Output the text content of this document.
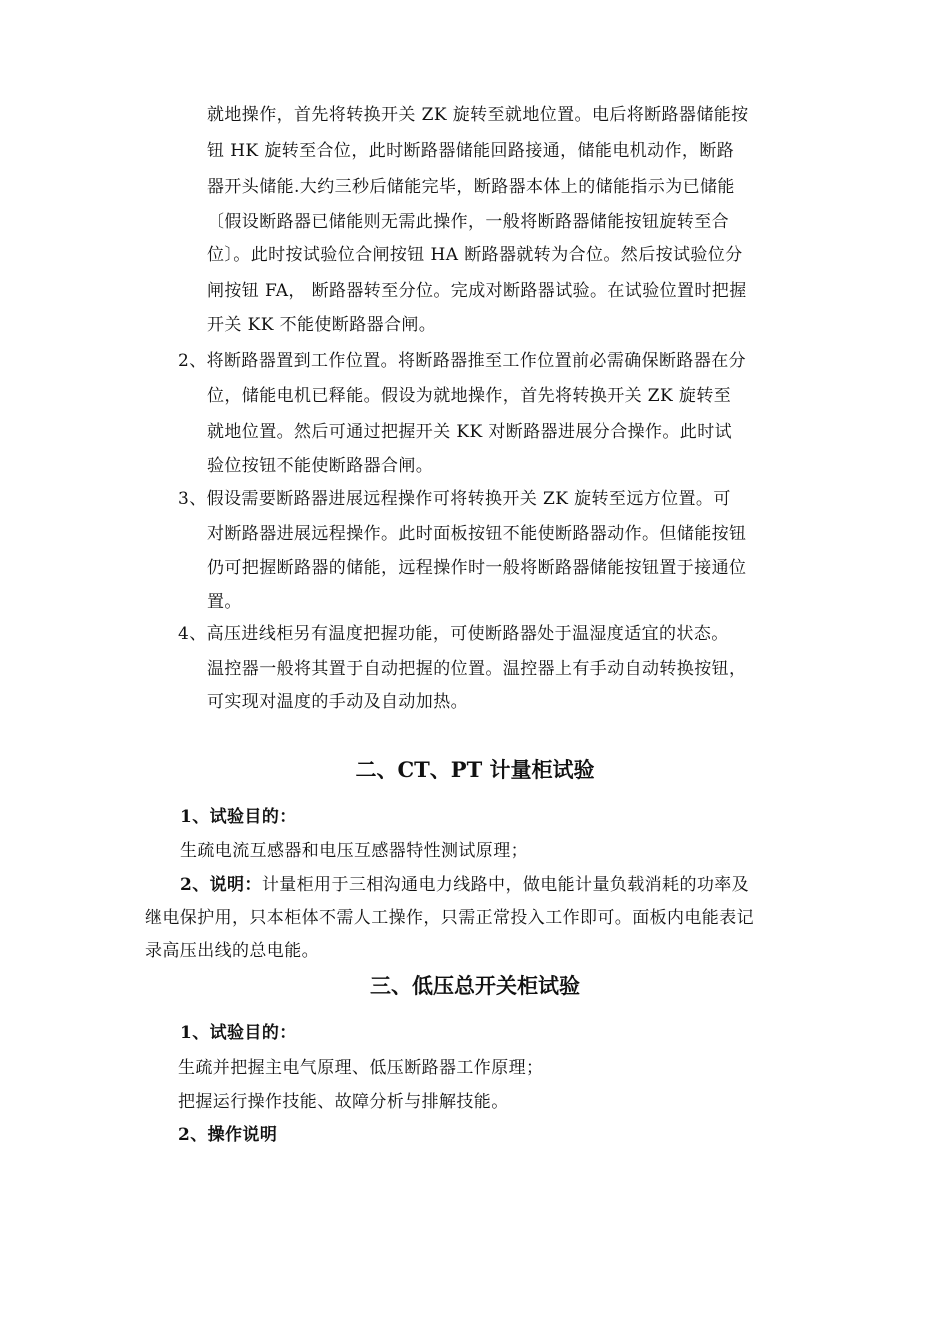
就地操作，首先将转换开关 ZK 旋转至就地位置。电后将断路器储能按
钮 HK 旋转至合位，此时断路器储能回路接通，储能电机动作，断路
器开头储能.大约三秒后储能完毕，断路器本体上的储能指示为已储能
〔假设断路器已储能则无需此操作，一般将断路器储能按钮旋转至合
位〕。此时按试验位合闸按钮 HA 断路器就转为合位。然后按试验位分
闸按钮 FA， 断路器转至分位。完成对断路器试验。在试验位置时把握
开关 KK 不能使断路器合闸。
2、将断路器置到工作位置。将断路器推至工作位置前必需确保断路器在分
位，储能电机已释能。假设为就地操作，首先将转换开关 ZK 旋转至
就地位置。然后可通过把握开关 KK 对断路器进展分合操作。此时试
验位按钮不能使断路器合闸。
3、假设需要断路器进展远程操作可将转换开关 ZK 旋转至远方位置。可
对断路器进展远程操作。此时面板按钮不能使断路器动作。但储能按钮
仍可把握断路器的储能，远程操作时一般将断路器储能按钮置于接通位
置。
4、高压进线柜另有温度把握功能，可使断路器处于温湿度适宜的状态。
温控器一般将其置于自动把握的位置。温控器上有手动自动转换按钮，
可实现对温度的手动及自动加热。
二、CT、PT 计量柜试验
1、试验目的：
生疏电流互感器和电压互感器特性测试原理；
2、说明：计量柜用于三相沟通电力线路中，做电能计量负载消耗的功率及
继电保护用，只本柜体不需人工操作，只需正常投入工作即可。面板内电能表记
录高压出线的总电能。
三、低压总开关柜试验
1、试验目的：
生疏并把握主电气原理、低压断路器工作原理；
把握运行操作技能、故障分析与排解技能。
2、操作说明
